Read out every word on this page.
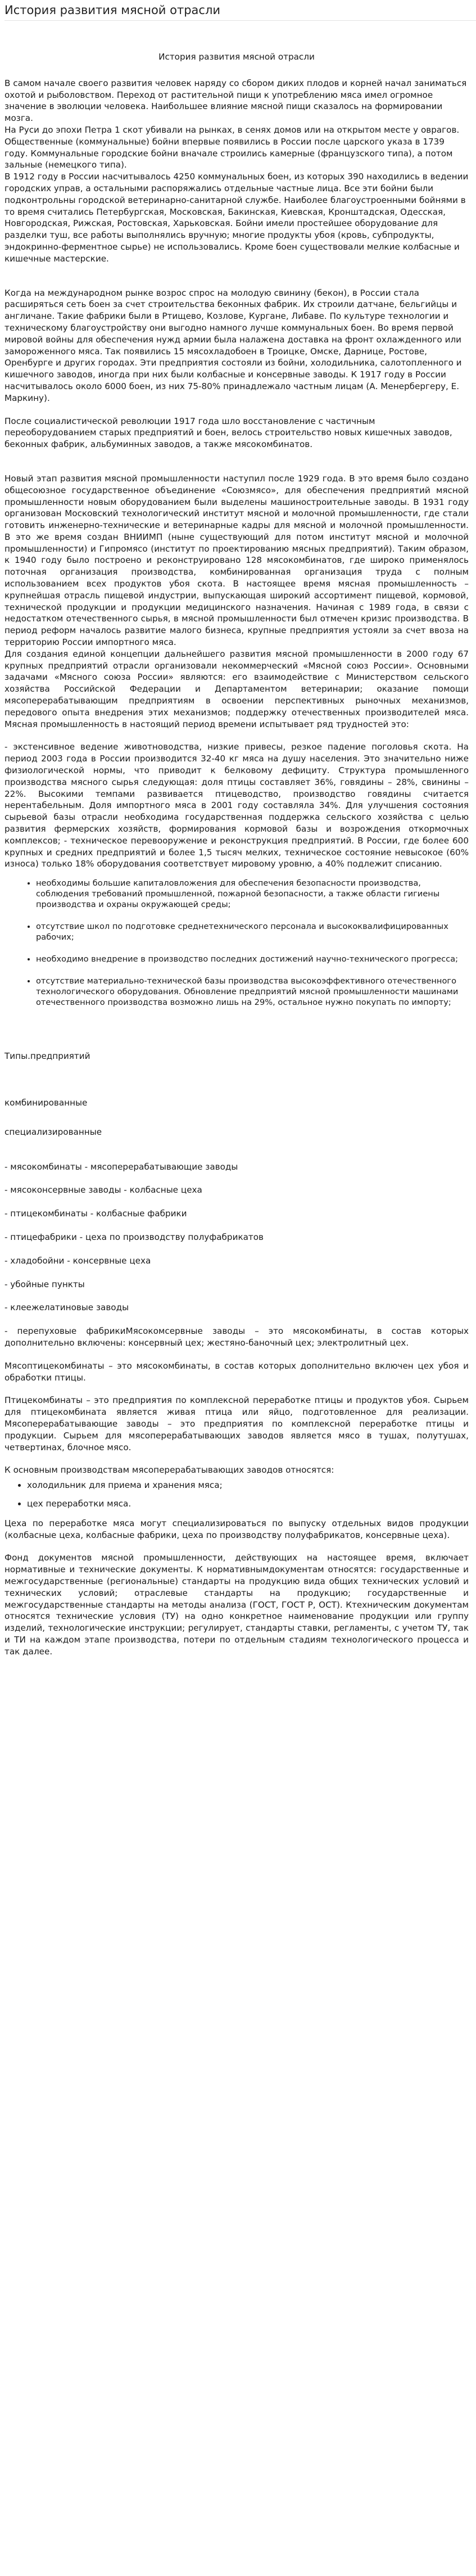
История развития мясной отрасли
История развития мясной отрасли

В самом начале своего развития человек наряду со сбором диких плодов и корней начал заниматься охотой и рыболовством. Переход от растительной пищи к употреблению мяса имел огромное значение в эволюции человека. Наибольшее влияние мясной пищи сказалось на формировании мозга.

На Руси до эпохи Петра 1 скот убивали на рынках, в сенях домов или на открытом месте у оврагов. Общественные (коммунальные) бойни впервые появились в России после царского указа в 1739 году. Коммунальные городские бойни вначале строились камерные (французского типа), а потом зальные (немецкого типа).

В 1912 году в России насчитывалось 4250 коммунальных боен, из которых 390 находились в ведении городских управ, а остальными распоряжались отдельные частные лица. Все эти бойни были подконтрольны городской ветеринарно-санитарной службе. Наиболее благоустроенными бойнями в то время считались Петербургская, Московская, Бакинская, Киевская, Кронштадская, Одесская, Новгородская, Рижская, Ростовская, Харьковская. Бойни имели простейшее оборудование для разделки туш, все работы выполнялись вручную; многие продукты убоя (кровь, субпродукты, эндокринно-ферментное сырье) не использовались. Кроме боен существовали мелкие колбасные и кишечные мастерские.

Когда на международном рынке возрос спрос на молодую свинину (бекон), в России стала расширяться сеть боен за счет строительства беконных фабрик. Их строили датчане, бельгийцы и англичане. Такие фабрики были в Ртищево, Козлове, Кургане, Либаве. По культуре технологии и техническому благоустройству они выгодно намного лучше коммунальных боен. Во время первой мировой войны для обеспечения нужд армии была налажена доставка на фронт охлажденного или замороженного мяса. Так появились 15 мясохладобоен в Троицке, Омске, Дарнице, Ростове, Оренбурге и других городах. Эти предприятия состояли из бойни, холодильника, салотопленного и кишечного заводов, иногда при них были колбасные и консервные заводы. К 1917 году в России насчитывалось около 6000 боен, из них 75-80% принадлежало частным лицам (А. Менербергеру, Е. Маркину).

После социалистической революции 1917 года шло восстановление с частичным переоборудованием старых предприятий и боен, велось строительство новых кишечных заводов, беконных фабрик, альбуминных заводов, а также мясокомбинатов.

Новый этап развития мясной промышленности наступил после 1929 года. В это время было создано общесоюзное государственное объединение «Союзмясо», для обеспечения предприятий мясной промышленности новым оборудованием были выделены машиностроительные заводы. В 1931 году организован Московский технологический институт мясной и молочной промышленности, где стали готовить инженерно-технические и ветеринарные кадры для мясной и молочной промышленности. В это же время создан ВНИИМП (ныне существующий для потом институт мясной и молочной промышленности) и Гипромясо (институт по проектированию мясных предприятий). Таким образом, к 1940 году было построено и реконструировано 128 мясокомбинатов, где широко применялось поточная организация производства, комбинированная организация труда с полным использованием всех продуктов убоя скота. В настоящее время мясная промышленность – крупнейшая отрасль пищевой индустрии, выпускающая широкий ассортимент пищевой, кормовой, технической продукции и продукции медицинского назначения. Начиная с 1989 года, в связи с недостатком отечественного сырья, в мясной промышленности был отмечен кризис производства. В период реформ началось развитие малого бизнеса, крупные предприятия устояли за счет ввоза на территорию России импортного мяса.

Для создания единой концепции дальнейшего развития мясной промышленности в 2000 году 67 крупных предприятий отрасли организовали некоммерческий «Мясной союз России». Основными задачами «Мясного союза России» являются: его взаимодействие с Министерством сельского хозяйства Российской Федерации и Департаментом ветеринарии; оказание помощи мясоперерабатывающим предприятиям в освоении перспективных рыночных механизмов, передового опыта внедрения этих механизмов; поддержку отечественных производителей мяса. Мясная промышленность в настоящий период времени испытывает ряд трудностей это:

- экстенсивное ведение животноводства, низкие привесы, резкое падение поголовья скота. На период 2003 года в России производится 32-40 кг мяса на душу населения. Это значительно ниже физиологической нормы, что приводит к белковому дефициту. Структура промышленного производства мясного сырья следующая: доля птицы составляет 36%, говядины – 28%, свинины – 22%. Высокими темпами развивается птицеводство, производство говядины считается нерентабельным. Доля импортного мяса в 2001 году составляла 34%. Для улучшения состояния сырьевой базы отрасли необходима государственная поддержка сельского хозяйства с целью развития фермерских хозяйств, формирования кормовой базы и возрождения откормочных комплексов; - техническое перевооружение и реконструкция предприятий. В России, где более 600 крупных и средних предприятий и более 1,5 тысяч мелких, техническое состояние невысокое (60% износа) только 18% оборудования соответствует мировому уровню, а 40% подлежит списанию.

• необходимы большие капиталовложения для обеспечения безопасности производства, соблюдения требований промышленной, пожарной безопасности, а также области гигиены производства и охраны окружающей среды;
• отсутствие школ по подготовке среднетехнического персонала и высококвалифицированных рабочих;
• необходимо внедрение в производство последних достижений научно-технического прогресса;
• отсутствие материально-технической базы производства высокоэффективного отечественного технологического оборудования. Обновление предприятий мясной промышленности машинами отечественного производства возможно лишь на 29%, остальное нужно покупать по импорту;

Типы.предприятий

комбинированные

специализированные

- мясокомбинаты - мясоперерабатывающие заводы

- мясоконсервные заводы - колбасные цеха

- птицекомбинаты - колбасные фабрики

- птицефабрики - цеха по производству полуфабрикатов

- хладобойни - консервные цеха

- убойные пункты

- клеежелатиновые заводы

- перепуховые фабрикиМясокомсервные заводы – это мясокомбинаты, в состав которых дополнительно включены: консервный цех; жестяно-баночный цех; электролитный цех.

Мясоптицекомбинаты – это мясокомбинаты, в состав которых дополнительно включен цех убоя и обработки птицы.

Птицекомбинаты – это предприятия по комплексной переработке птицы и продуктов убоя. Сырьем для птицекомбината является живая птица или яйцо, подготовленное для реализации. Мясоперерабатывающие заводы – это предприятия по комплексной переработке птицы и продукции. Сырьем для мясоперерабатывающих заводов является мясо в тушах, полутушах, четвертинах, блочное мясо.

К основным производствам мясоперерабатывающих заводов относятся:

• холодильник для приема и хранения мяса;
• цех переработки мяса.

Цеха по переработке мяса могут специализироваться по выпуску отдельных видов продукции (колбасные цеха, колбасные фабрики, цеха по производству полуфабрикатов, консервные цеха).

Фонд документов мясной промышленности, действующих на настоящее время, включает нормативные и технические документы. К нормативнымдокументам относятся: государственные и межгосударственные (региональные) стандарты на продукцию вида общих технических условий и технических условий; отраслевые стандарты на продукцию; государственные и межгосударственные стандарты на методы анализа (ГОСТ, ГОСТ Р, ОСТ). Ктехническим документам относятся технические условия (ТУ) на одно конкретное наименование продукции или группу изделий, технологические инструкции; регулирует, стандарты ставки, регламенты, с учетом ТУ, так и ТИ на каждом этапе производства, потери по отдельным стадиям технологического процесса и так далее.
